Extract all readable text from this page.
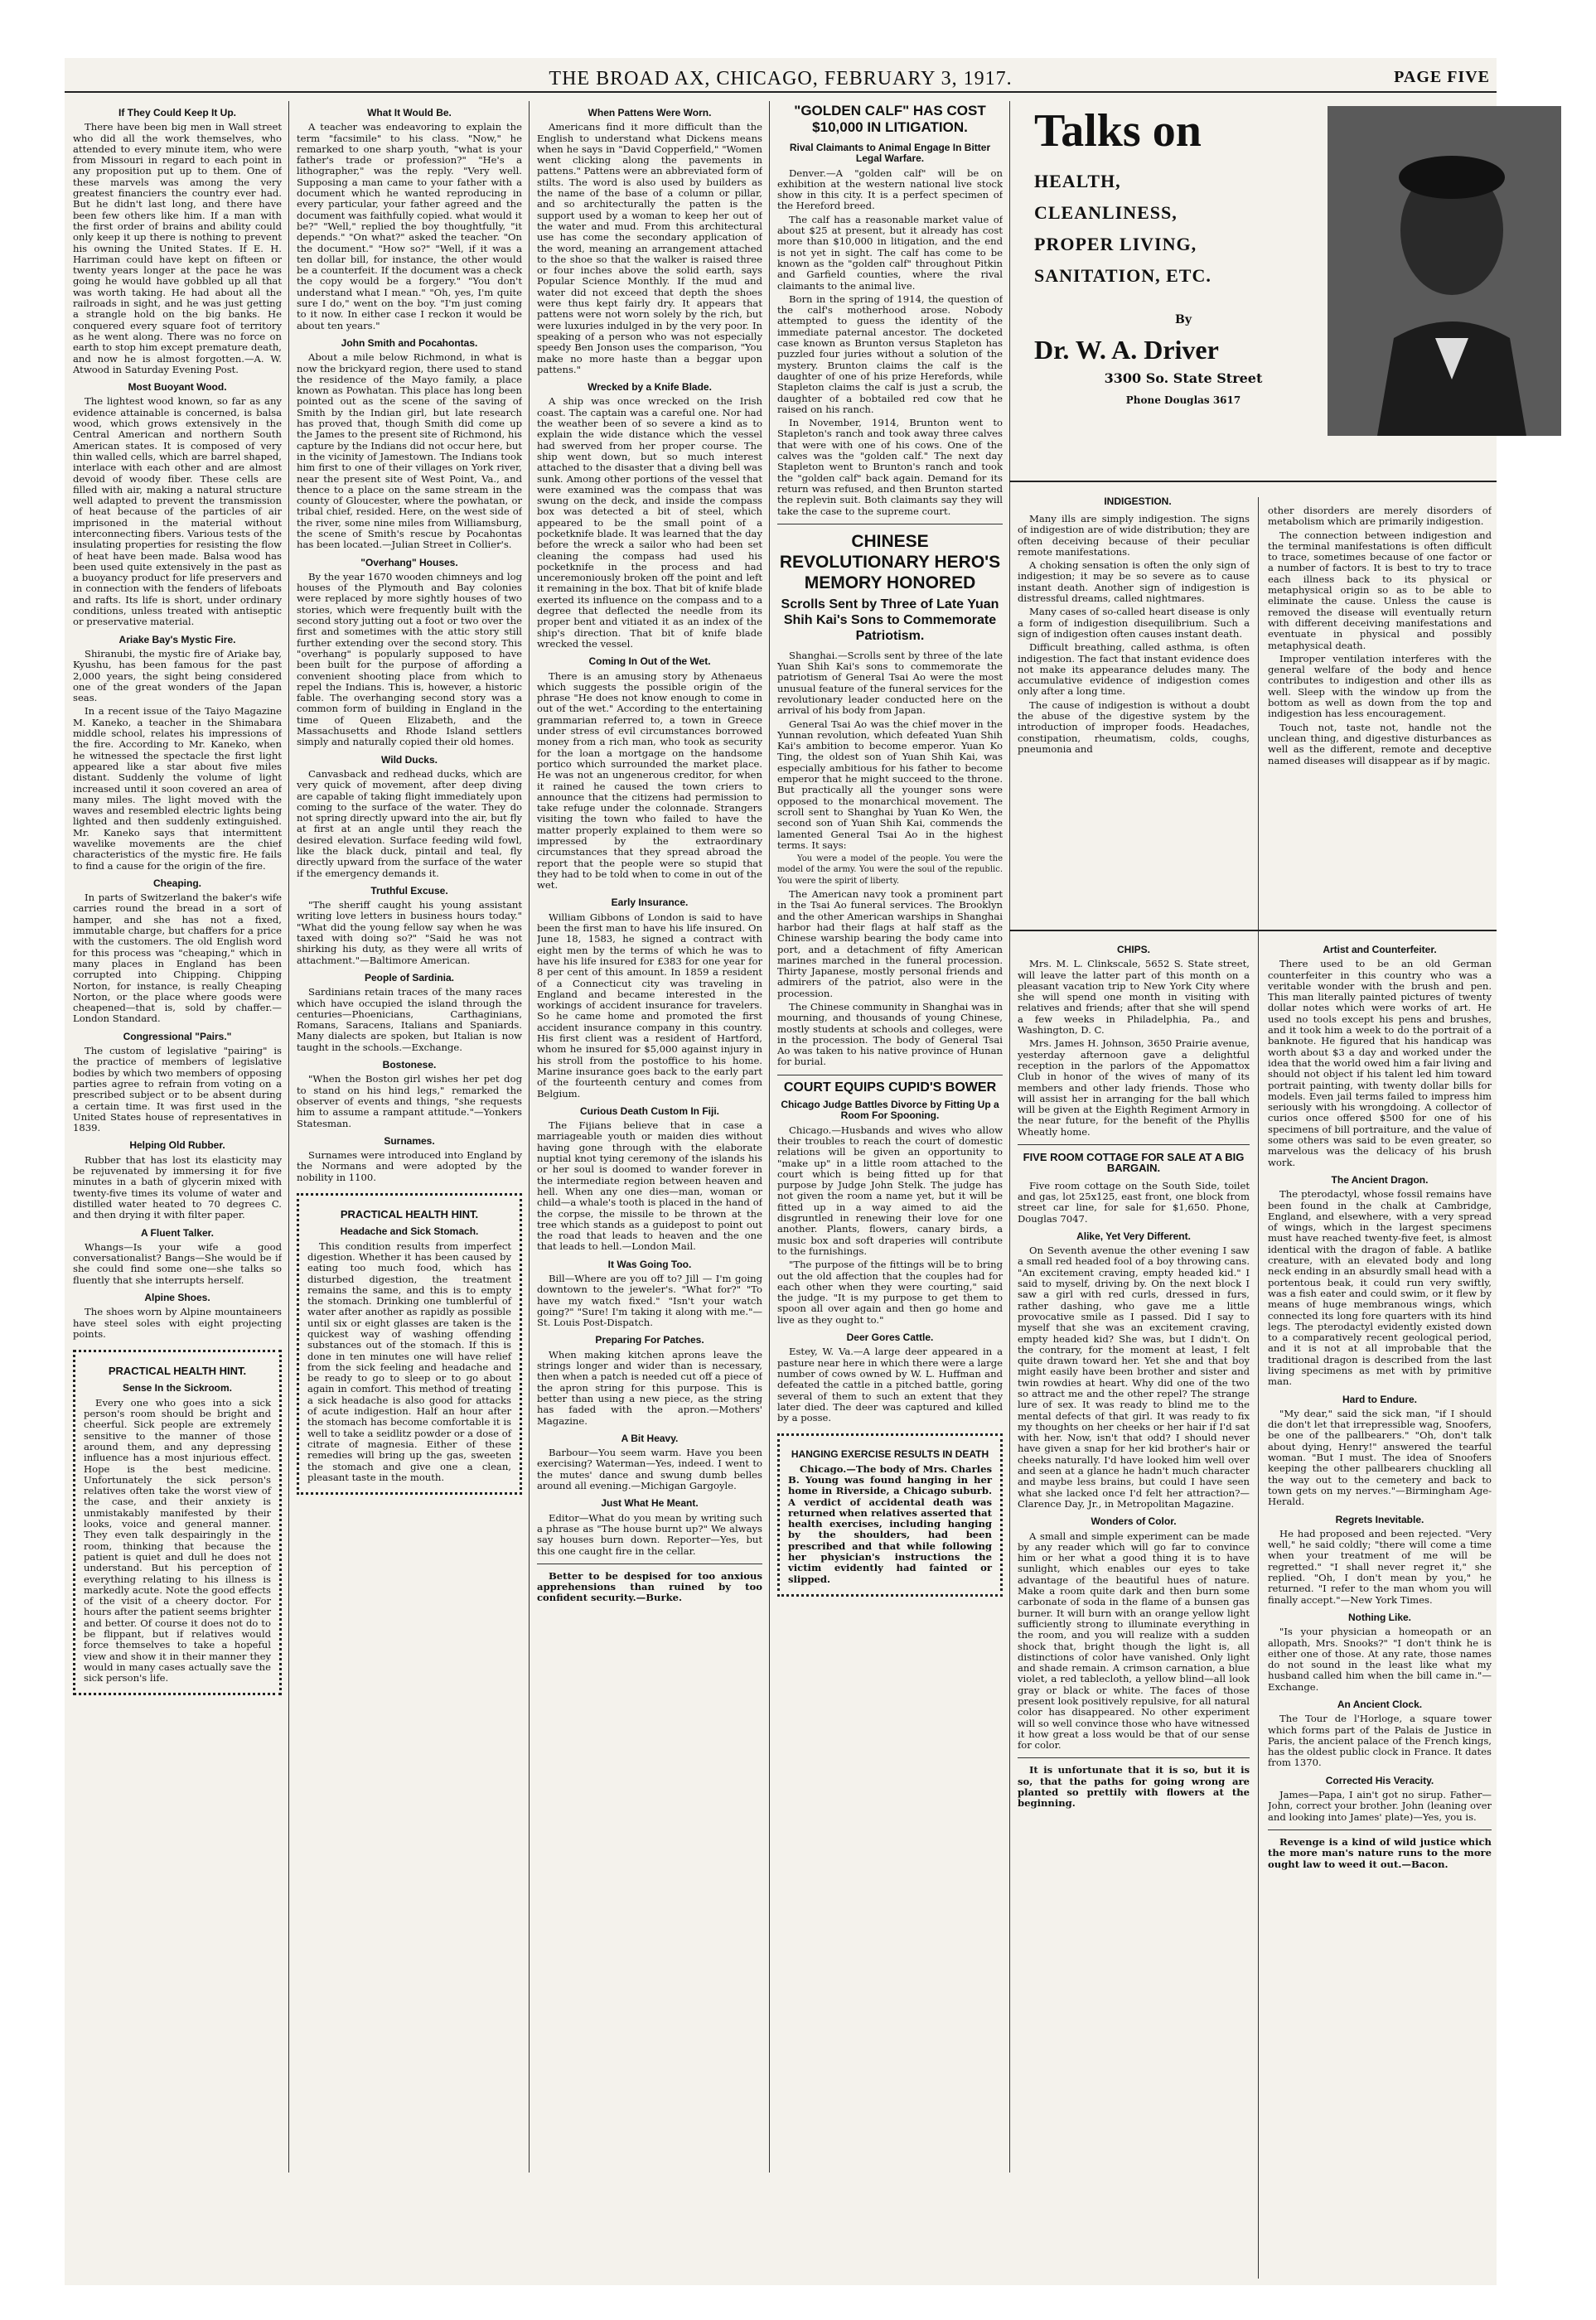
THE BROAD AX, CHICAGO, FEBRUARY 3, 1917.	PAGE FIVE
If They Could Keep It Up.

There have been big men in Wall street who did all the work themselves, who attended to every minute item, who were from Missouri in regard to each point in any proposition put up to them. One of these marvels was among the very greatest financiers the country ever had. But he didn't last long, and there have been few others like him. If a man with the first order of brains and ability could only keep it up there is nothing to prevent his owning the United States. If E. H. Harriman could have kept on fifteen or twenty years longer at the pace he was going he would have gobbled up all that was worth taking. He had about all the railroads in sight, and he was just getting a strangle hold on the big banks. He conquered every square foot of territory as he went along. There was no force on earth to stop him except premature death, and now he is almost forgotten.—A. W. Atwood in Saturday Evening Post.

Most Buoyant Wood.

The lightest wood known, so far as any evidence attainable is concerned, is balsa wood, which grows extensively in the Central American and northern South American states. It is composed of very thin walled cells, which are barrel shaped, interlace with each other and are almost devoid of woody fiber. These cells are filled with air, making a natural structure well adapted to prevent the transmission of heat because of the particles of air imprisoned in the material without interconnecting fibers. Various tests of the insulating properties for resisting the flow of heat have been made. Balsa wood has been used quite extensively in the past as a buoyancy product for life preservers and in connection with the fenders of lifeboats and rafts. Its life is short, under ordinary conditions, unless treated with antiseptic or preservative material.

Ariake Bay's Mystic Fire.

Shiranubi, the mystic fire of Ariake bay, Kyushu, has been famous for the past 2,000 years, the sight being considered one of the great wonders of the Japan seas.

In a recent issue of the Taiyo Magazine M. Kaneko, a teacher in the Shimabara middle school, relates his impressions of the fire. According to Mr. Kaneko, when he witnessed the spectacle the first light appeared like a star about five miles distant. Suddenly the volume of light increased until it soon covered an area of many miles. The light moved with the waves and resembled electric lights being lighted and then suddenly extinguished. Mr. Kaneko says that intermittent wavelike movements are the chief characteristics of the mystic fire. He fails to find a cause for the origin of the fire.

Cheaping.

In parts of Switzerland the baker's wife carries round the bread in a sort of hamper, and she has not a fixed, immutable charge, but chaffers for a price with the customers. The old English word for this process was "cheaping," which in many places in England has been corrupted into Chipping. Chipping Norton, for instance, is really Cheaping Norton, or the place where goods were cheapened—that is, sold by chaffer.—London Standard.

Congressional "Pairs."

The custom of legislative "pairing" is the practice of members of legislative bodies by which two members of opposing parties agree to refrain from voting on a prescribed subject or to be absent during a certain time. It was first used in the United States house of representatives in 1839.

Helping Old Rubber.

Rubber that has lost its elasticity may be rejuvenated by immersing it for five minutes in a bath of glycerin mixed with twenty-five times its volume of water and distilled water heated to 70 degrees C. and then drying it with filter paper.

A Fluent Talker.

Whangs—Is your wife a good conversationalist? Bangs—She would be if she could find some one—she talks so fluently that she interrupts herself.

Alpine Shoes.

The shoes worn by Alpine mountaineers have steel soles with eight projecting points.

PRACTICAL HEALTH HINT.
Sense In the Sickroom.

Every one who goes into a sick person's room should be bright and cheerful. Sick people are extremely sensitive to the manner of those around them, and any depressing influence has a most injurious effect. Hope is the best medicine. Unfortunately the sick person's relatives often take the worst view of the case, and their anxiety is unmistakably manifested by their looks, voice and general manner. They even talk despairingly in the room, thinking that because the patient is quiet and dull he does not understand. But his perception of everything relating to his illness is markedly acute. Note the good effects of the visit of a cheery doctor. For hours after the patient seems brighter and better. Of course it does not do to be flippant, but if relatives would force themselves to take a hopeful view and show it in their manner they would in many cases actually save the sick person's life.

What It Would Be.

A teacher was endeavoring to explain the term "facsimile" to his class. "Now," he remarked to one sharp youth, "what is your father's trade or profession?" "He's a lithographer," was the reply. "Very well. Supposing a man came to your father with a document which he wanted reproducing in every particular, your father agreed and the document was faithfully copied. what would it be?" "Well," replied the boy thoughtfully, "it depends." "On what?" asked the teacher. "On the document." "How so?" "Well, if it was a ten dollar bill, for instance, the other would be a counterfeit. If the document was a check the copy would be a forgery." "You don't understand what I mean." "Oh, yes, I'm quite sure I do," went on the boy. "I'm just coming to it now. In either case I reckon it would be about ten years."

John Smith and Pocahontas.

About a mile below Richmond, in what is now the brickyard region, there used to stand the residence of the Mayo family, a place known as Powhatan. This place has long been pointed out as the scene of the saving of Smith by the Indian girl, but late research has proved that, though Smith did come up the James to the present site of Richmond, his capture by the Indians did not occur here, but in the vicinity of Jamestown. The Indians took him first to one of their villages on York river, near the present site of West Point, Va., and thence to a place on the same stream in the county of Gloucester, where the powhatan, or tribal chief, resided. Here, on the west side of the river, some nine miles from Williamsburg, the scene of Smith's rescue by Pocahontas has been located.—Julian Street in Collier's.

"Overhang" Houses.

By the year 1670 wooden chimneys and log houses of the Plymouth and Bay colonies were replaced by more sightly houses of two stories, which were frequently built with the second story jutting out a foot or two over the first and sometimes with the attic story still further extending over the second story. This "overhang" is popularly supposed to have been built for the purpose of affording a convenient shooting place from which to repel the Indians. This is, however, a historic fable. The overhanging second story was a common form of building in England in the time of Queen Elizabeth, and the Massachusetts and Rhode Island settlers simply and naturally copied their old homes.

Wild Ducks.

Canvasback and redhead ducks, which are very quick of movement, after deep diving are capable of taking flight immediately upon coming to the surface of the water. They do not spring directly upward into the air, but fly at first at an angle until they reach the desired elevation. Surface feeding wild fowl, like the black duck, pintail and teal, fly directly upward from the surface of the water if the emergency demands it.

Truthful Excuse.

"The sheriff caught his young assistant writing love letters in business hours today." "What did the young fellow say when he was taxed with doing so?" "Said he was not shirking his duty, as they were all writs of attachment."—Baltimore American.

People of Sardinia.

Sardinians retain traces of the many races which have occupied the island through the centuries—Phoenicians, Carthaginians, Romans, Saracens, Italians and Spaniards. Many dialects are spoken, but Italian is now taught in the schools.—Exchange.

Bostonese.

"When the Boston girl wishes her pet dog to stand on his hind legs," remarked the observer of events and things, "she requests him to assume a rampant attitude."—Yonkers Statesman.

Surnames.

Surnames were introduced into England by the Normans and were adopted by the nobility in 1100.

PRACTICAL HEALTH HINT.
Headache and Sick Stomach.

This condition results from imperfect digestion. Whether it has been caused by eating too much food, which has disturbed digestion, the treatment remains the same, and this is to empty the stomach. Drinking one tumblerful of water after another as rapidly as possible until six or eight glasses are taken is the quickest way of washing offending substances out of the stomach. If this is done in ten minutes one will have relief from the sick feeling and headache and be ready to go to sleep or to go about again in comfort. This method of treating a sick headache is also good for attacks of acute indigestion. Half an hour after the stomach has become comfortable it is well to take a seidlitz powder or a dose of citrate of magnesia. Either of these remedies will bring up the gas, sweeten the stomach and give one a clean, pleasant taste in the mouth.

When Pattens Were Worn.

Americans find it more difficult than the English to understand what Dickens means when he says in "David Copperfield," "Women went clicking along the pavements in pattens." Pattens were an abbreviated form of stilts. The word is also used by builders as the name of the base of a column or pillar, and so architecturally the patten is the support used by a woman to keep her out of the water and mud. From this architectural use has come the secondary application of the word, meaning an arrangement attached to the shoe so that the walker is raised three or four inches above the solid earth, says Popular Science Monthly. If the mud and water did not exceed that depth the shoes were thus kept fairly dry. It appears that pattens were not worn solely by the rich, but were luxuries indulged in by the very poor. In speaking of a person who was not especially speedy Ben Jonson uses the comparison, "You make no more haste than a beggar upon pattens."

Wrecked by a Knife Blade.

A ship was once wrecked on the Irish coast. The captain was a careful one. Nor had the weather been of so severe a kind as to explain the wide distance which the vessel had swerved from her proper course. The ship went down, but so much interest attached to the disaster that a diving bell was sunk. Among other portions of the vessel that were examined was the compass that was swung on the deck, and inside the compass box was detected a bit of steel, which appeared to be the small point of a pocketknife blade. It was learned that the day before the wreck a sailor who had been set cleaning the compass had used his pocketknife in the process and had unceremoniously broken off the point and left it remaining in the box. That bit of knife blade exerted its influence on the compass and to a degree that deflected the needle from its proper bent and vitiated it as an index of the ship's direction. That bit of knife blade wrecked the vessel.

Coming In Out of the Wet.

There is an amusing story by Athenaeus which suggests the possible origin of the phrase "He does not know enough to come in out of the wet." According to the entertaining grammarian referred to, a town in Greece under stress of evil circumstances borrowed money from a rich man, who took as security for the loan a mortgage on the handsome portico which surrounded the market place. He was not an ungenerous creditor, for when it rained he caused the town criers to announce that the citizens had permission to take refuge under the colonnade. Strangers visiting the town who failed to have the matter properly explained to them were so impressed by the extraordinary circumstances that they spread abroad the report that the people were so stupid that they had to be told when to come in out of the wet.

Early Insurance.

William Gibbons of London is said to have been the first man to have his life insured. On June 18, 1583, he signed a contract with eight men by the terms of which he was to have his life insured for £383 for one year for 8 per cent of this amount. In 1859 a resident of a Connecticut city was traveling in England and became interested in the workings of accident insurance for travelers. So he came home and promoted the first accident insurance company in this country. His first client was a resident of Hartford, whom he insured for $5,000 against injury in his stroll from the postoffice to his home. Marine insurance goes back to the early part of the fourteenth century and comes from Belgium.

Curious Death Custom In Fiji.

The Fijians believe that in case a marriageable youth or maiden dies without having gone through with the elaborate nuptial knot tying ceremony of the islands his or her soul is doomed to wander forever in the intermediate region between heaven and hell. When any one dies—man, woman or child—a whale's tooth is placed in the hand of the corpse, the missile to be thrown at the tree which stands as a guidepost to point out the road that leads to heaven and the one that leads to hell.—London Mail.

It Was Going Too.

Bill—Where are you off to? Jill — I'm going downtown to the jeweler's. "What for?" "To have my watch fixed." "Isn't your watch going?" "Sure! I'm taking it along with me."—St. Louis Post-Dispatch.

Preparing For Patches.

When making kitchen aprons leave the strings longer and wider than is necessary, then when a patch is needed cut off a piece of the apron string for this purpose. This is better than using a new piece, as the string has faded with the apron.—Mothers' Magazine.

A Bit Heavy.

Barbour—You seem warm. Have you been exercising? Waterman—Yes, indeed. I went to the mutes' dance and swung dumb belles around all evening.—Michigan Gargoyle.

Just What He Meant.

Editor—What do you mean by writing such a phrase as "The house burnt up?" We always say houses burn down. Reporter—Yes, but this one caught fire in the cellar.

Better to be despised for too anxious apprehensions than ruined by too confident security.—Burke.

"GOLDEN CALF" HAS COST $10,000 IN LITIGATION.
Rival Claimants to Animal Engage In Bitter Legal Warfare.

Denver.—A "golden calf" will be on exhibition at the western national live stock show in this city. It is a perfect specimen of the Hereford breed.

The calf has a reasonable market value of about $25 at present, but it already has cost more than $10,000 in litigation, and the end is not yet in sight. The calf has come to be known as the "golden calf" throughout Pitkin and Garfield counties, where the rival claimants to the animal live.

Born in the spring of 1914, the question of the calf's motherhood arose. Nobody attempted to guess the identity of the immediate paternal ancestor. The docketed case known as Brunton versus Stapleton has puzzled four juries without a solution of the mystery. Brunton claims the calf is the daughter of one of his prize Herefords, while Stapleton claims the calf is just a scrub, the daughter of a bobtailed red cow that he raised on his ranch.

In November, 1914, Brunton went to Stapleton's ranch and took away three calves that were with one of his cows. One of the calves was the "golden calf." The next day Stapleton went to Brunton's ranch and took the "golden calf" back again. Demand for its return was refused, and then Brunton started the replevin suit. Both claimants say they will take the case to the supreme court.

CHINESE REVOLUTIONARY HERO'S MEMORY HONORED
Scrolls Sent by Three of Late Yuan Shih Kai's Sons to Commemorate Patriotism.

Shanghai.—Scrolls sent by three of the late Yuan Shih Kai's sons to commemorate the patriotism of General Tsai Ao were the most unusual feature of the funeral services for the revolutionary leader conducted here on the arrival of his body from Japan.

General Tsai Ao was the chief mover in the Yunnan revolution, which defeated Yuan Shih Kai's ambition to become emperor. Yuan Ko Ting, the oldest son of Yuan Shih Kai, was especially ambitious for his father to become emperor that he might succeed to the throne. But practically all the younger sons were opposed to the monarchical movement. The scroll sent to Shanghai by Yuan Ko Wen, the second son of Yuan Shih Kai, commends the lamented General Tsai Ao in the highest terms. It says:

You were a model of the people. You were the model of the army. You were the soul of the republic. You were the spirit of liberty.

The American navy took a prominent part in the Tsai Ao funeral services. The Brooklyn and the other American warships in Shanghai harbor had their flags at half staff as the Chinese warship bearing the body came into port, and a detachment of fifty American marines marched in the funeral procession. Thirty Japanese, mostly personal friends and admirers of the patriot, also were in the procession.

The Chinese community in Shanghai was in mourning, and thousands of young Chinese, mostly students at schools and colleges, were in the procession. The body of General Tsai Ao was taken to his native province of Hunan for burial.

COURT EQUIPS CUPID'S BOWER
Chicago Judge Battles Divorce by Fitting Up a Room For Spooning.

Chicago.—Husbands and wives who allow their troubles to reach the court of domestic relations will be given an opportunity to "make up" in a little room attached to the court which is being fitted up for that purpose by Judge John Stelk. The judge has not given the room a name yet, but it will be fitted up in a way aimed to aid the disgruntled in renewing their love for one another. Plants, flowers, canary birds, a music box and soft draperies will contribute to the furnishings.

"The purpose of the fittings will be to bring out the old affection that the couples had for each other when they were courting," said the judge. "It is my purpose to get them to spoon all over again and then go home and live as they ought to."

Deer Gores Cattle.

Estey, W. Va.—A large deer appeared in a pasture near here in which there were a large number of cows owned by W. L. Huffman and defeated the cattle in a pitched battle, goring several of them to such an extent that they later died. The deer was captured and killed by a posse.

HANGING EXERCISE RESULTS IN DEATH

Chicago.—The body of Mrs. Charles B. Young was found hanging in her home in Riverside, a Chicago suburb. A verdict of accidental death was returned when relatives asserted that health exercises, including hanging by the shoulders, had been prescribed and that while following her physician's instructions the victim evidently had fainted or slipped.

Talks on
HEALTH,
CLEANLINESS,
PROPER LIVING,
SANITATION, ETC.
By
Dr. W. A. Driver
3300 So. State Street
Phone Douglas 3617
INDIGESTION.

Many ills are simply indigestion. The signs of indigestion are of wide distribution; they are often deceiving because of their peculiar remote manifestations.

A choking sensation is often the only sign of indigestion; it may be so severe as to cause instant death. Another sign of indigestion is distressful dreams, called nightmares.

Many cases of so-called heart disease is only a form of indigestion disequilibrium. Such a sign of indigestion often causes instant death.

Difficult breathing, called asthma, is often indigestion. The fact that instant evidence does not make its appearance deludes many. The accumulative evidence of indigestion comes only after a long time.

The cause of indigestion is without a doubt the abuse of the digestive system by the introduction of improper foods. Headaches, constipation, rheumatism, colds, coughs, pneumonia and

other disorders are merely disorders of metabolism which are primarily indigestion.

The connection between indigestion and the terminal manifestations is often difficult to trace, sometimes because of one factor or a number of factors. It is best to try to trace each illness back to its physical or metaphysical origin so as to be able to eliminate the cause. Unless the cause is removed the disease will eventually return with different deceiving manifestations and eventuate in physical and possibly metaphysical death.

Improper ventilation interferes with the general welfare of the body and hence contributes to indigestion and other ills as well. Sleep with the window up from the bottom as well as down from the top and indigestion has less encouragement.

Touch not, taste not, handle not the unclean thing, and digestive disturbances as well as the different, remote and deceptive named diseases will disappear as if by magic.

CHIPS.

Mrs. M. L. Clinkscale, 5652 S. State street, will leave the latter part of this month on a pleasant vacation trip to New York City where she will spend one month in visiting with relatives and friends; after that she will spend a few weeks in Philadelphia, Pa., and Washington, D. C.

Mrs. James H. Johnson, 3650 Prairie avenue, yesterday afternoon gave a delightful reception in the parlors of the Appomattox Club in honor of the wives of many of its members and other lady friends. Those who will assist her in arranging for the ball which will be given at the Eighth Regiment Armory in the near future, for the benefit of the Phyllis Wheatly home.

FIVE ROOM COTTAGE FOR SALE AT A BIG BARGAIN.

Five room cottage on the South Side, toilet and gas, lot 25x125, east front, one block from street car line, for sale for $1,650. Phone, Douglas 7047.

Alike, Yet Very Different.

On Seventh avenue the other evening I saw a small red headed fool of a boy throwing cans. "An excitement craving, empty headed kid." I said to myself, driving by. On the next block I saw a girl with red curls, dressed in furs, rather dashing, who gave me a little provocative smile as I passed. Did I say to myself that she was an excitement craving, empty headed kid? She was, but I didn't. On the contrary, for the moment at least, I felt quite drawn toward her. Yet she and that boy might easily have been brother and sister and twin rowdies at heart. Why did one of the two so attract me and the other repel? The strange lure of sex. It was ready to blind me to the mental defects of that girl. It was ready to fix my thoughts on her cheeks or her hair if I'd sat with her. Now, isn't that odd? I should never have given a snap for her kid brother's hair or cheeks naturally. I'd have looked him well over and seen at a glance he hadn't much character and maybe less brains, but could I have seen what she lacked once I'd felt her attraction?—Clarence Day, Jr., in Metropolitan Magazine.

Wonders of Color.

A small and simple experiment can be made by any reader which will go far to convince him or her what a good thing it is to have sunlight, which enables our eyes to take advantage of the beautiful hues of nature. Make a room quite dark and then burn some carbonate of soda in the flame of a bunsen gas burner. It will burn with an orange yellow light sufficiently strong to illuminate everything in the room, and you will realize with a sudden shock that, bright though the light is, all distinctions of color have vanished. Only light and shade remain. A crimson carnation, a blue violet, a red tablecloth, a yellow blind—all look gray or black or white. The faces of those present look positively repulsive, for all natural color has disappeared. No other experiment will so well convince those who have witnessed it how great a loss would be that of our sense for color.

It is unfortunate that it is so, but it is so, that the paths for going wrong are planted so prettily with flowers at the beginning.

Artist and Counterfeiter.

There used to be an old German counterfeiter in this country who was a veritable wonder with the brush and pen. This man literally painted pictures of twenty dollar notes which were works of art. He used no tools except his pens and brushes, and it took him a week to do the portrait of a banknote. He figured that his handicap was worth about $3 a day and worked under the idea that the world owed him a fair living and should not object if his talent led him toward portrait painting, with twenty dollar bills for models. Even jail terms failed to impress him seriously with his wrongdoing. A collector of curios once offered $500 for one of his specimens of bill portraiture, and the value of some others was said to be even greater, so marvelous was the delicacy of his brush work.

The Ancient Dragon.

The pterodactyl, whose fossil remains have been found in the chalk at Cambridge, England, and elsewhere, with a very spread of wings, which in the largest specimens must have reached twenty-five feet, is almost identical with the dragon of fable. A batlike creature, with an elevated body and long neck ending in an absurdly small head with a portentous beak, it could run very swiftly, was a fish eater and could swim, or it flew by means of huge membranous wings, which connected its long fore quarters with its hind legs. The pterodactyl evidently existed down to a comparatively recent geological period, and it is not at all improbable that the traditional dragon is described from the last living specimens as met with by primitive man.

Hard to Endure.

"My dear," said the sick man, "if I should die don't let that irrepressible wag, Snoofers, be one of the pallbearers." "Oh, don't talk about dying, Henry!" answered the tearful woman. "But I must. The idea of Snoofers keeping the other pallbearers chuckling all the way out to the cemetery and back to town gets on my nerves."—Birmingham Age-Herald.

Regrets Inevitable.

He had proposed and been rejected. "Very well," he said coldly; "there will come a time when your treatment of me will be regretted." "I shall never regret it," she replied. "Oh, I don't mean by you," he returned. "I refer to the man whom you will finally accept."—New York Times.

Nothing Like.

"Is your physician a homeopath or an allopath, Mrs. Snooks?" "I don't think he is either one of those. At any rate, those names do not sound in the least like what my husband called him when the bill came in."—Exchange.

An Ancient Clock.

The Tour de l'Horloge, a square tower which forms part of the Palais de Justice in Paris, the ancient palace of the French kings, has the oldest public clock in France. It dates from 1370.

Corrected His Veracity.

James—Papa, I ain't got no sirup. Father—John, correct your brother. John (leaning over and looking into James' plate)—Yes, you is.

Revenge is a kind of wild justice which the more man's nature runs to the more ought law to weed it out.—Bacon.
